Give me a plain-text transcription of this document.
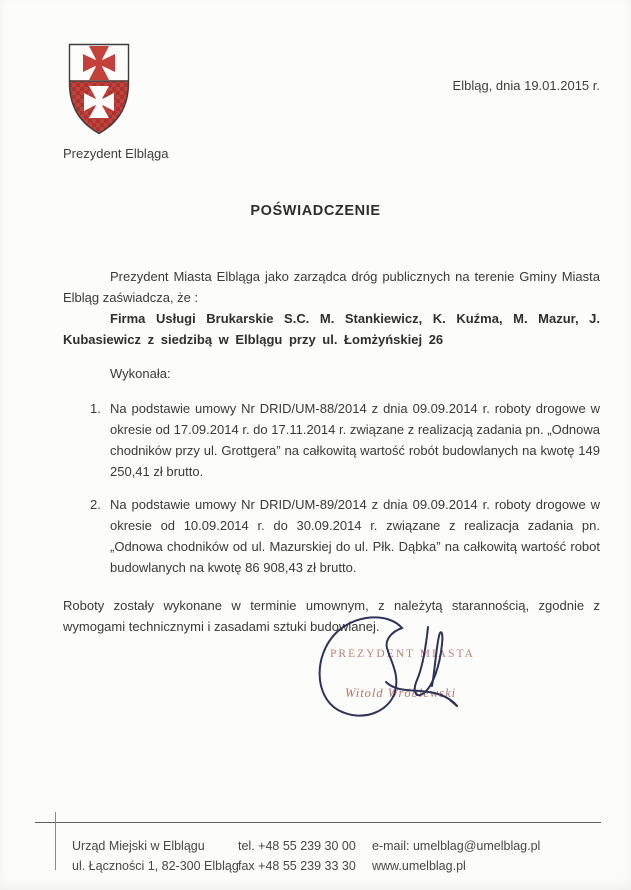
Prezydent Elbląga
Elbląg, dnia 19.01.2015 r.
POŚWIADCZENIE

Prezydent Miasta Elbląga jako zarządca dróg publicznych na terenie Gminy Miasta Elbląg zaświadcza, że :

Firma Usługi Brukarskie S.C. M. Stankiewicz, K. Kuźma, M. Mazur, J. Kubasiewicz z siedzibą w Elblągu przy ul. Łomżyńskiej 26

Wykonała:

1. Na podstawie umowy Nr DRID/UM-88/2014 z dnia 09.09.2014 r. roboty drogowe w okresie od 17.09.2014 r. do 17.11.2014 r. związane z realizacją zadania pn. „Odnowa chodników przy ul. Grottgera” na całkowitą wartość robót budowlanych na kwotę 149 250,41 zł brutto.
2. Na podstawie umowy Nr DRID/UM-89/2014 z dnia 09.09.2014 r. roboty drogowe w okresie od 10.09.2014 r. do 30.09.2014 r. związane z realizacja zadania pn. „Odnowa chodników od ul. Mazurskiej do ul. Płk. Dąbka” na całkowitą wartość robot budowlanych na kwotę 86 908,43 zł brutto.

Roboty zostały wykonane w terminie umownym, z należytą starannością, zgodnie z wymogami technicznymi i zasadami sztuki budowlanej.

PREZYDENT MIASTA
Witold Wróblewski
Urząd Miejski w Elblągu
ul. Łączności 1, 82-300 Elbląg
tel. +48 55 239 30 00
fax +48 55 239 33 30
e-mail: umelblag@umelblag.pl
www.umelblag.pl
